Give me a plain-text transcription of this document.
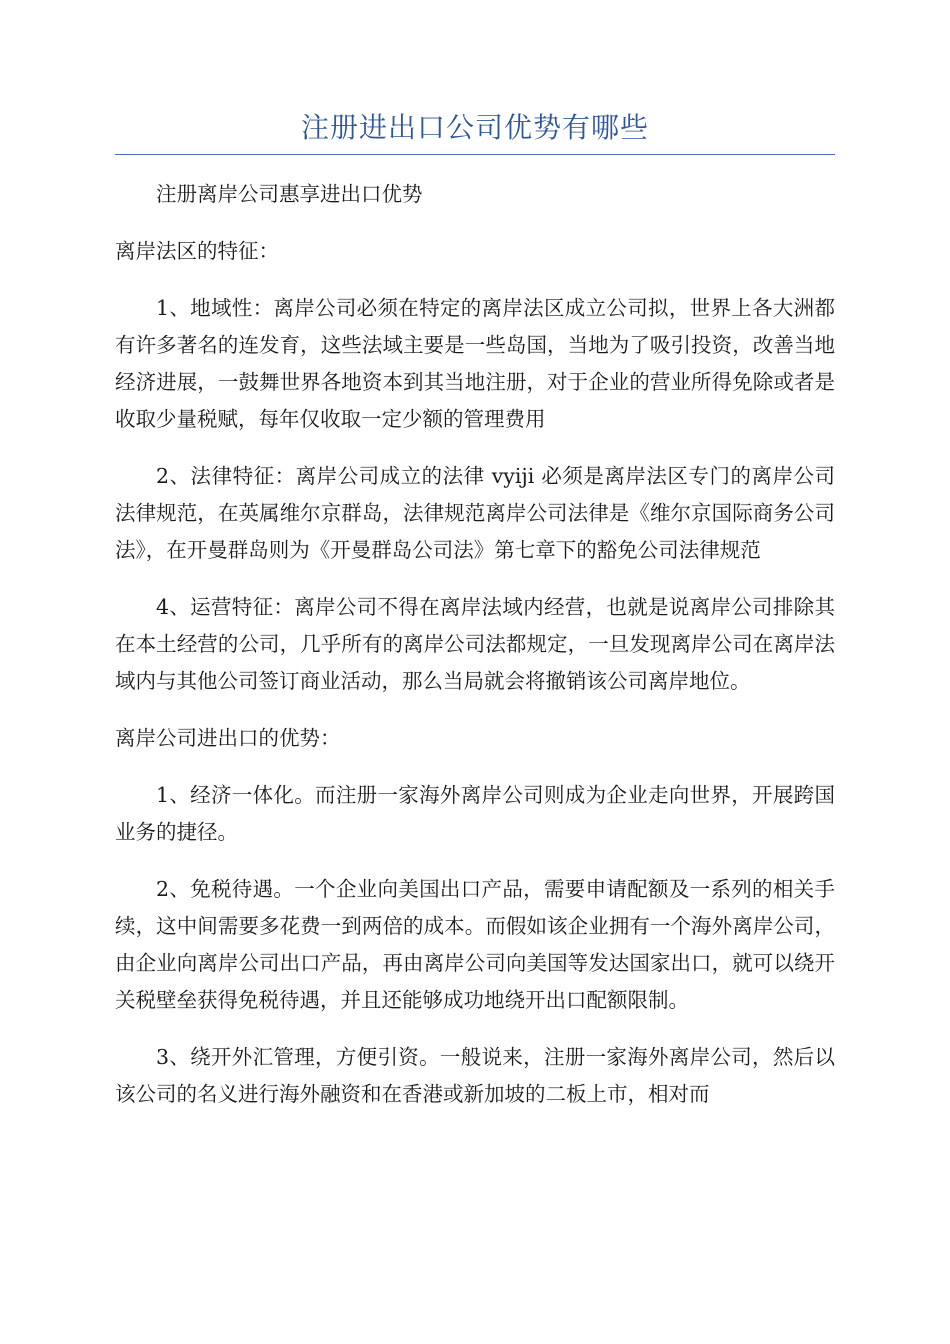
注册进出口公司优势有哪些

注册离岸公司惠享进出口优势

离岸法区的特征：

1、地域性：离岸公司必须在特定的离岸法区成立公司拟，世界上各大洲都有许多著名的连发育，这些法域主要是一些岛国，当地为了吸引投资，改善当地经济进展，一鼓舞世界各地资本到其当地注册，对于企业的营业所得免除或者是收取少量税赋，每年仅收取一定少额的管理费用

2、法律特征：离岸公司成立的法律 vyiji 必须是离岸法区专门的离岸公司法律规范，在英属维尔京群岛，法律规范离岸公司法律是《维尔京国际商务公司法》，在开曼群岛则为《开曼群岛公司法》第七章下的豁免公司法律规范

4、运营特征：离岸公司不得在离岸法域内经营，也就是说离岸公司排除其在本土经营的公司，几乎所有的离岸公司法都规定，一旦发现离岸公司在离岸法域内与其他公司签订商业活动，那么当局就会将撤销该公司离岸地位。

离岸公司进出口的优势：

1、经济一体化。而注册一家海外离岸公司则成为企业走向世界，开展跨国业务的捷径。

2、免税待遇。一个企业向美国出口产品，需要申请配额及一系列的相关手续，这中间需要多花费一到两倍的成本。而假如该企业拥有一个海外离岸公司，由企业向离岸公司出口产品，再由离岸公司向美国等发达国家出口，就可以绕开关税壁垒获得免税待遇，并且还能够成功地绕开出口配额限制。

3、绕开外汇管理，方便引资。一般说来，注册一家海外离岸公司，然后以该公司的名义进行海外融资和在香港或新加坡的二板上市，相对而
